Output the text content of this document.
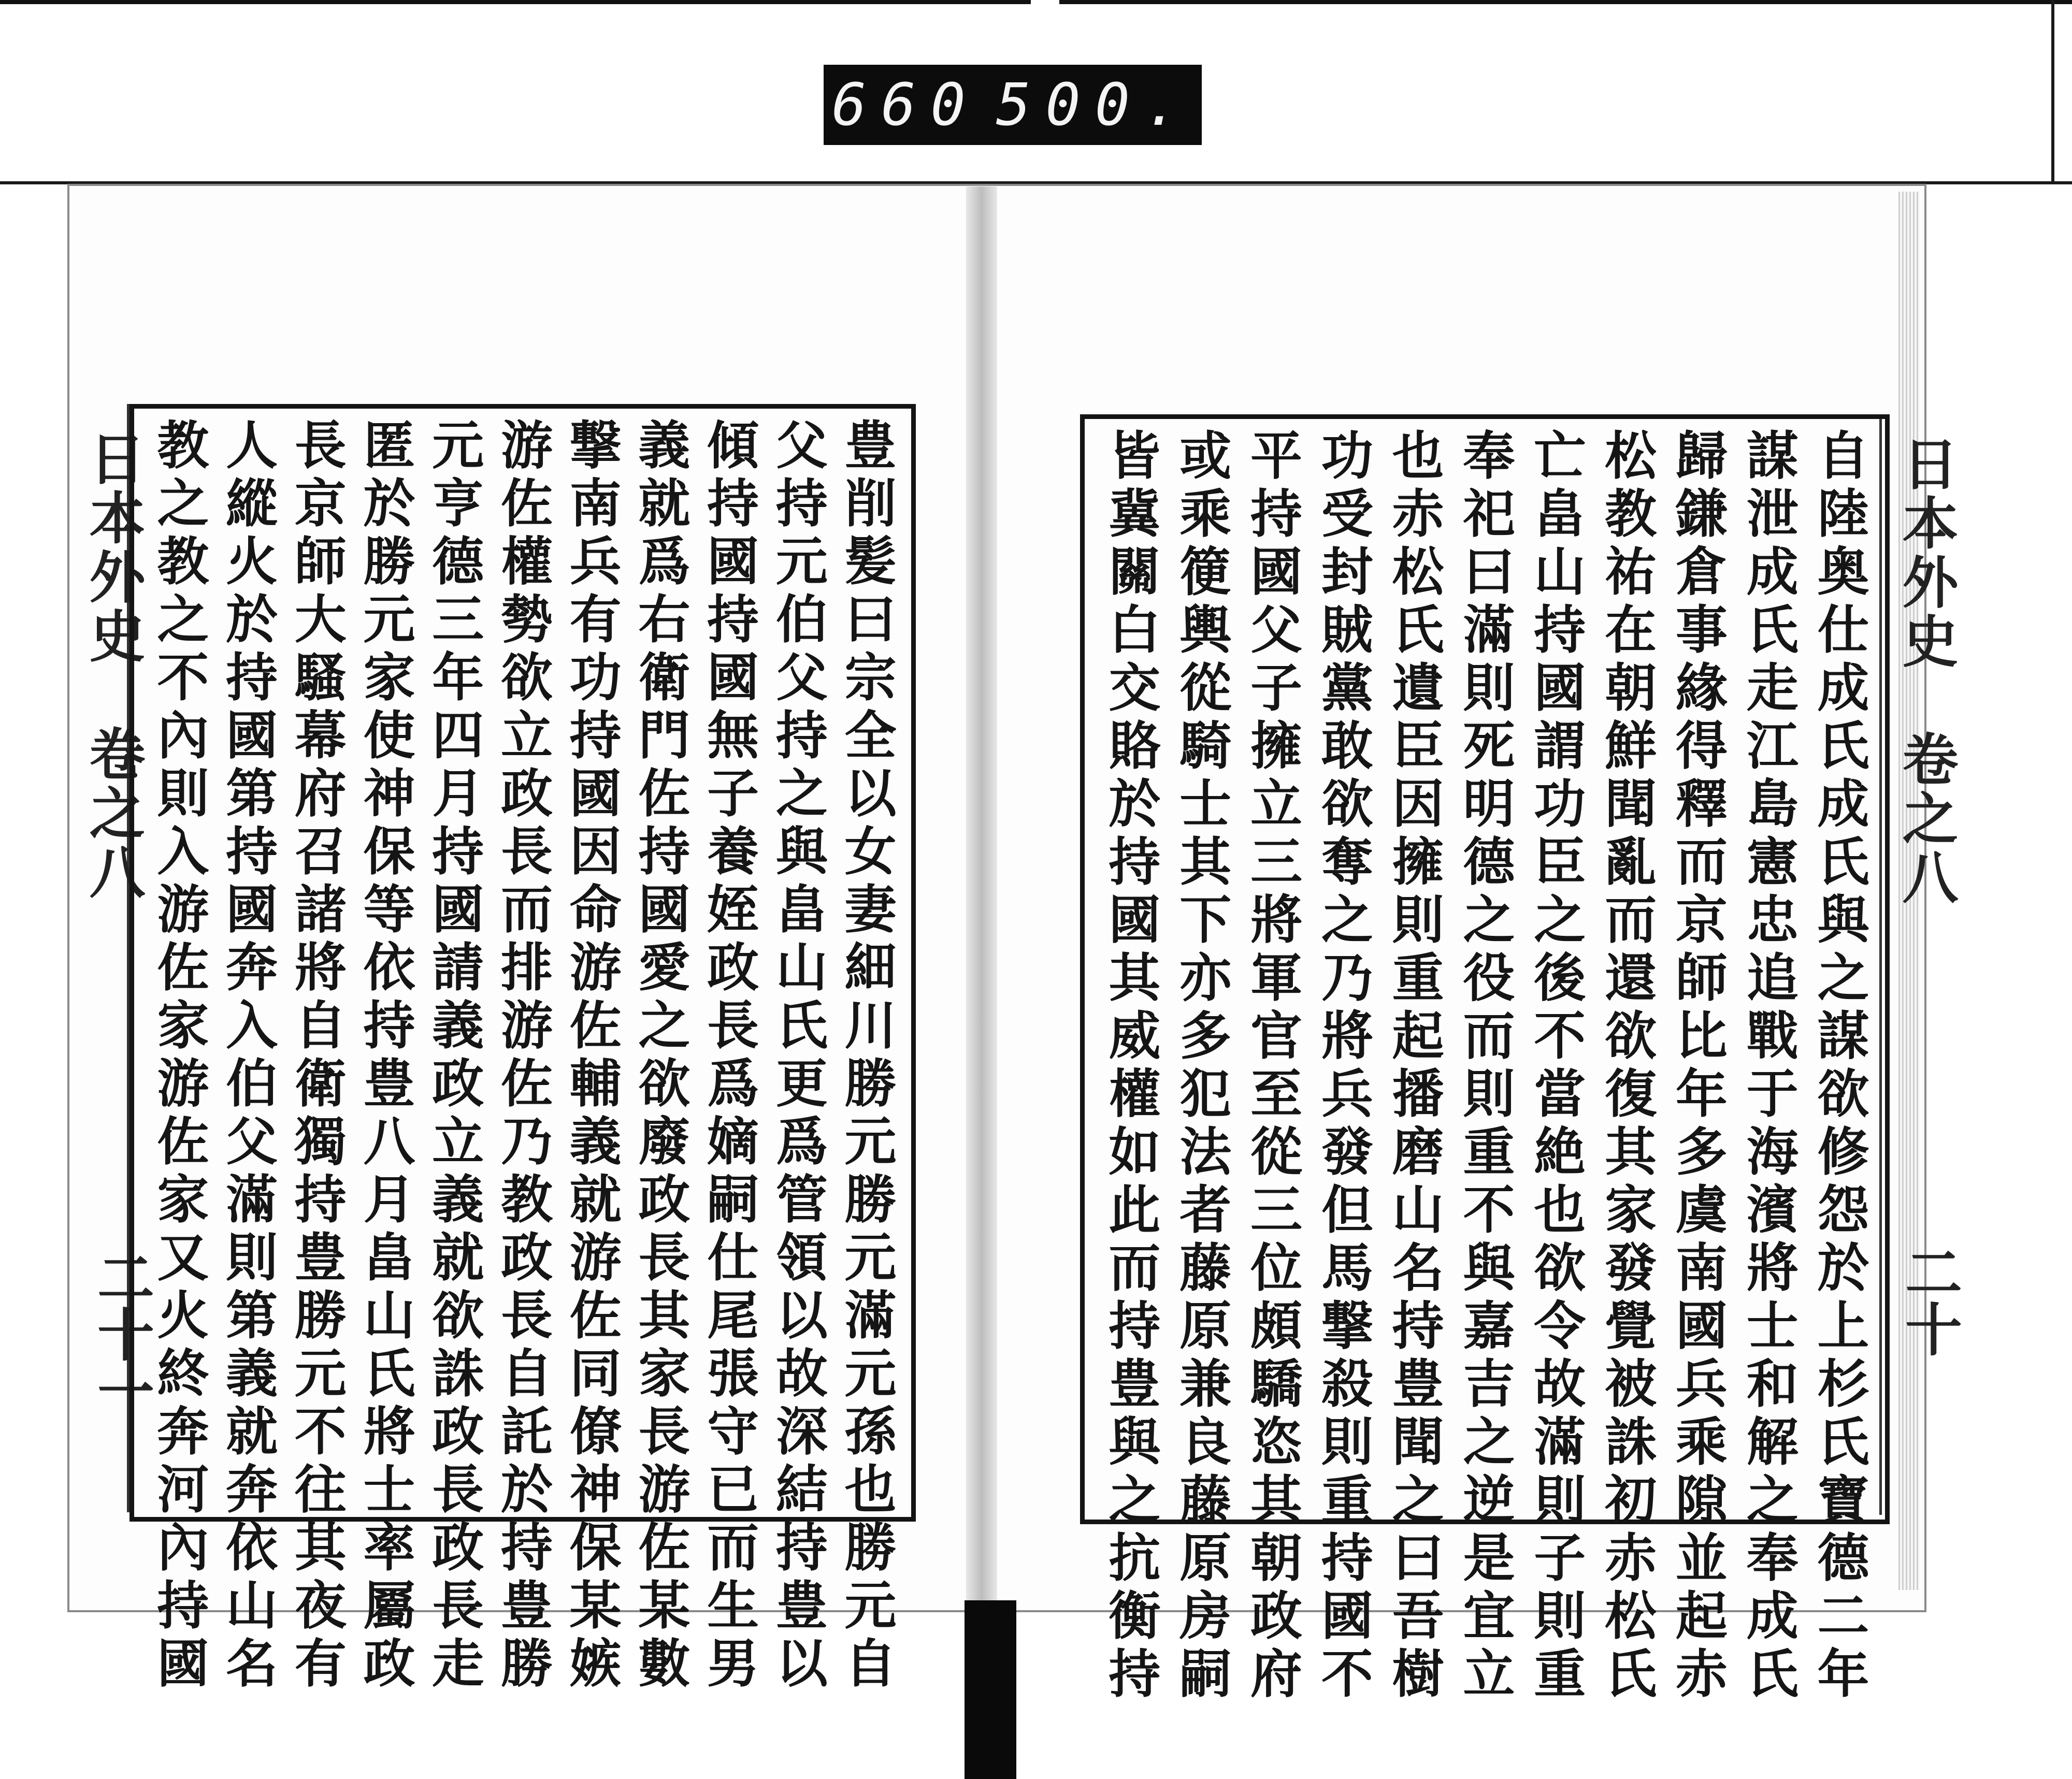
660 500.
日本外史　卷之八
二十一	豊削髪曰宗全以女妻細川勝元勝元滿元孫也勝元自
父持元伯父持之與畠山氏更爲管領以故深結持豊以
傾持國持國無子養姪政長爲嫡嗣仕尾張守已而生男
義就爲右衛門佐持國愛之欲廢政長其家長游佐某數
撃南兵有功持國因命游佐輔義就游佐同僚神保某嫉
游佐權勢欲立政長而排游佐乃教政長自託於持豊勝
元亨德三年四月持國請義政立義就欲誅政長政長走
匿於勝元家使神保等依持豊八月畠山氏將士率屬政
長京師大騷幕府召諸將自衛獨持豊勝元不往其夜有
人縱火於持國第持國奔入伯父滿則第義就奔依山名
教之教之不內則入游佐家游佐家又火終奔河內持國	日本外史　卷之八
二十
自陸奥仕成氏成氏與之謀欲修怨於上杉氏寶德二年
謀泄成氏走江島憲忠追戰于海濱將士和解之奉成氏
歸鎌倉事緣得釋而京師比年多虞南國兵乘隙並起赤
松教祐在朝鮮聞亂而還欲復其家發覺被誅初赤松氏
亡畠山持國謂功臣之後不當絶也欲令故滿則子則重
奉祀曰滿則死明德之役而則重不與嘉吉之逆是宜立
也赤松氏遺臣因擁則重起播磨山名持豊聞之曰吾樹
功受封賊黨敢欲奪之乃將兵發但馬撃殺則重持國不
平持國父子擁立三將軍官至從三位頗驕恣其朝政府
或乘箯輿從騎士其下亦多犯法者藤原兼良藤原房嗣
皆冀關白交賂於持國其威權如此而持豊與之抗衡持
